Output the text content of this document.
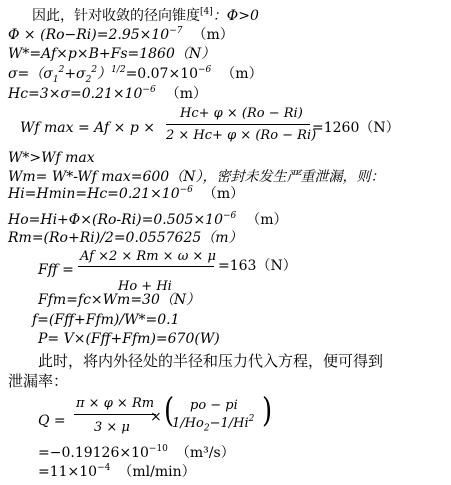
因此，针对收敛的径向锥度[4]：Φ>0
$\Phi \times (Ro-Ri)=2.95\times 10^{-7}$ （m）
W*=Af×p×B+Fs=1860（N）
$\sigma=(\sigma_1^2+\sigma_2^2)^{1/2}=0.07\times 10^{-6}$ （m）
$Hc=3\times\sigma=0.21\times 10^{-6}$ （m）
Wf max = Af × p ×
Hc+ φ × (Ro − Ri)
2 × Hc+ φ × (Ro − Ri)
=1260（N）
W*>Wf max
Wm= W*-Wf max=600（N），密封未发生严重泄漏，则：
$Hi=Hmin=Hc=0.21\times 10^{-6}$ （m）
$Ho=Hi+\Phi\times(Ro-Ri)=0.505\times 10^{-6}$ （m）
Rm=(Ro+Ri)/2=0.0557625（m）
Fff =
Af ×2 × Rm × ω × μ
Ho + Hi
=163（N）
Ffm=fc×Wm=30（N）
f=(Fff+Ffm)/W*=0.1
P= V×(Fff+Ffm)=670(W)
此时，将内外径处的半径和压力代入方程，便可得到
泄漏率：
Q =
π × φ × Rm
3 × μ
× ( po − pi
$1/Ho_2-1/Hi^2$ )
$=-0.19126\times 10^{-10}$ （m³/s）
$=11\times 10^{-4}$ （ml/min）
